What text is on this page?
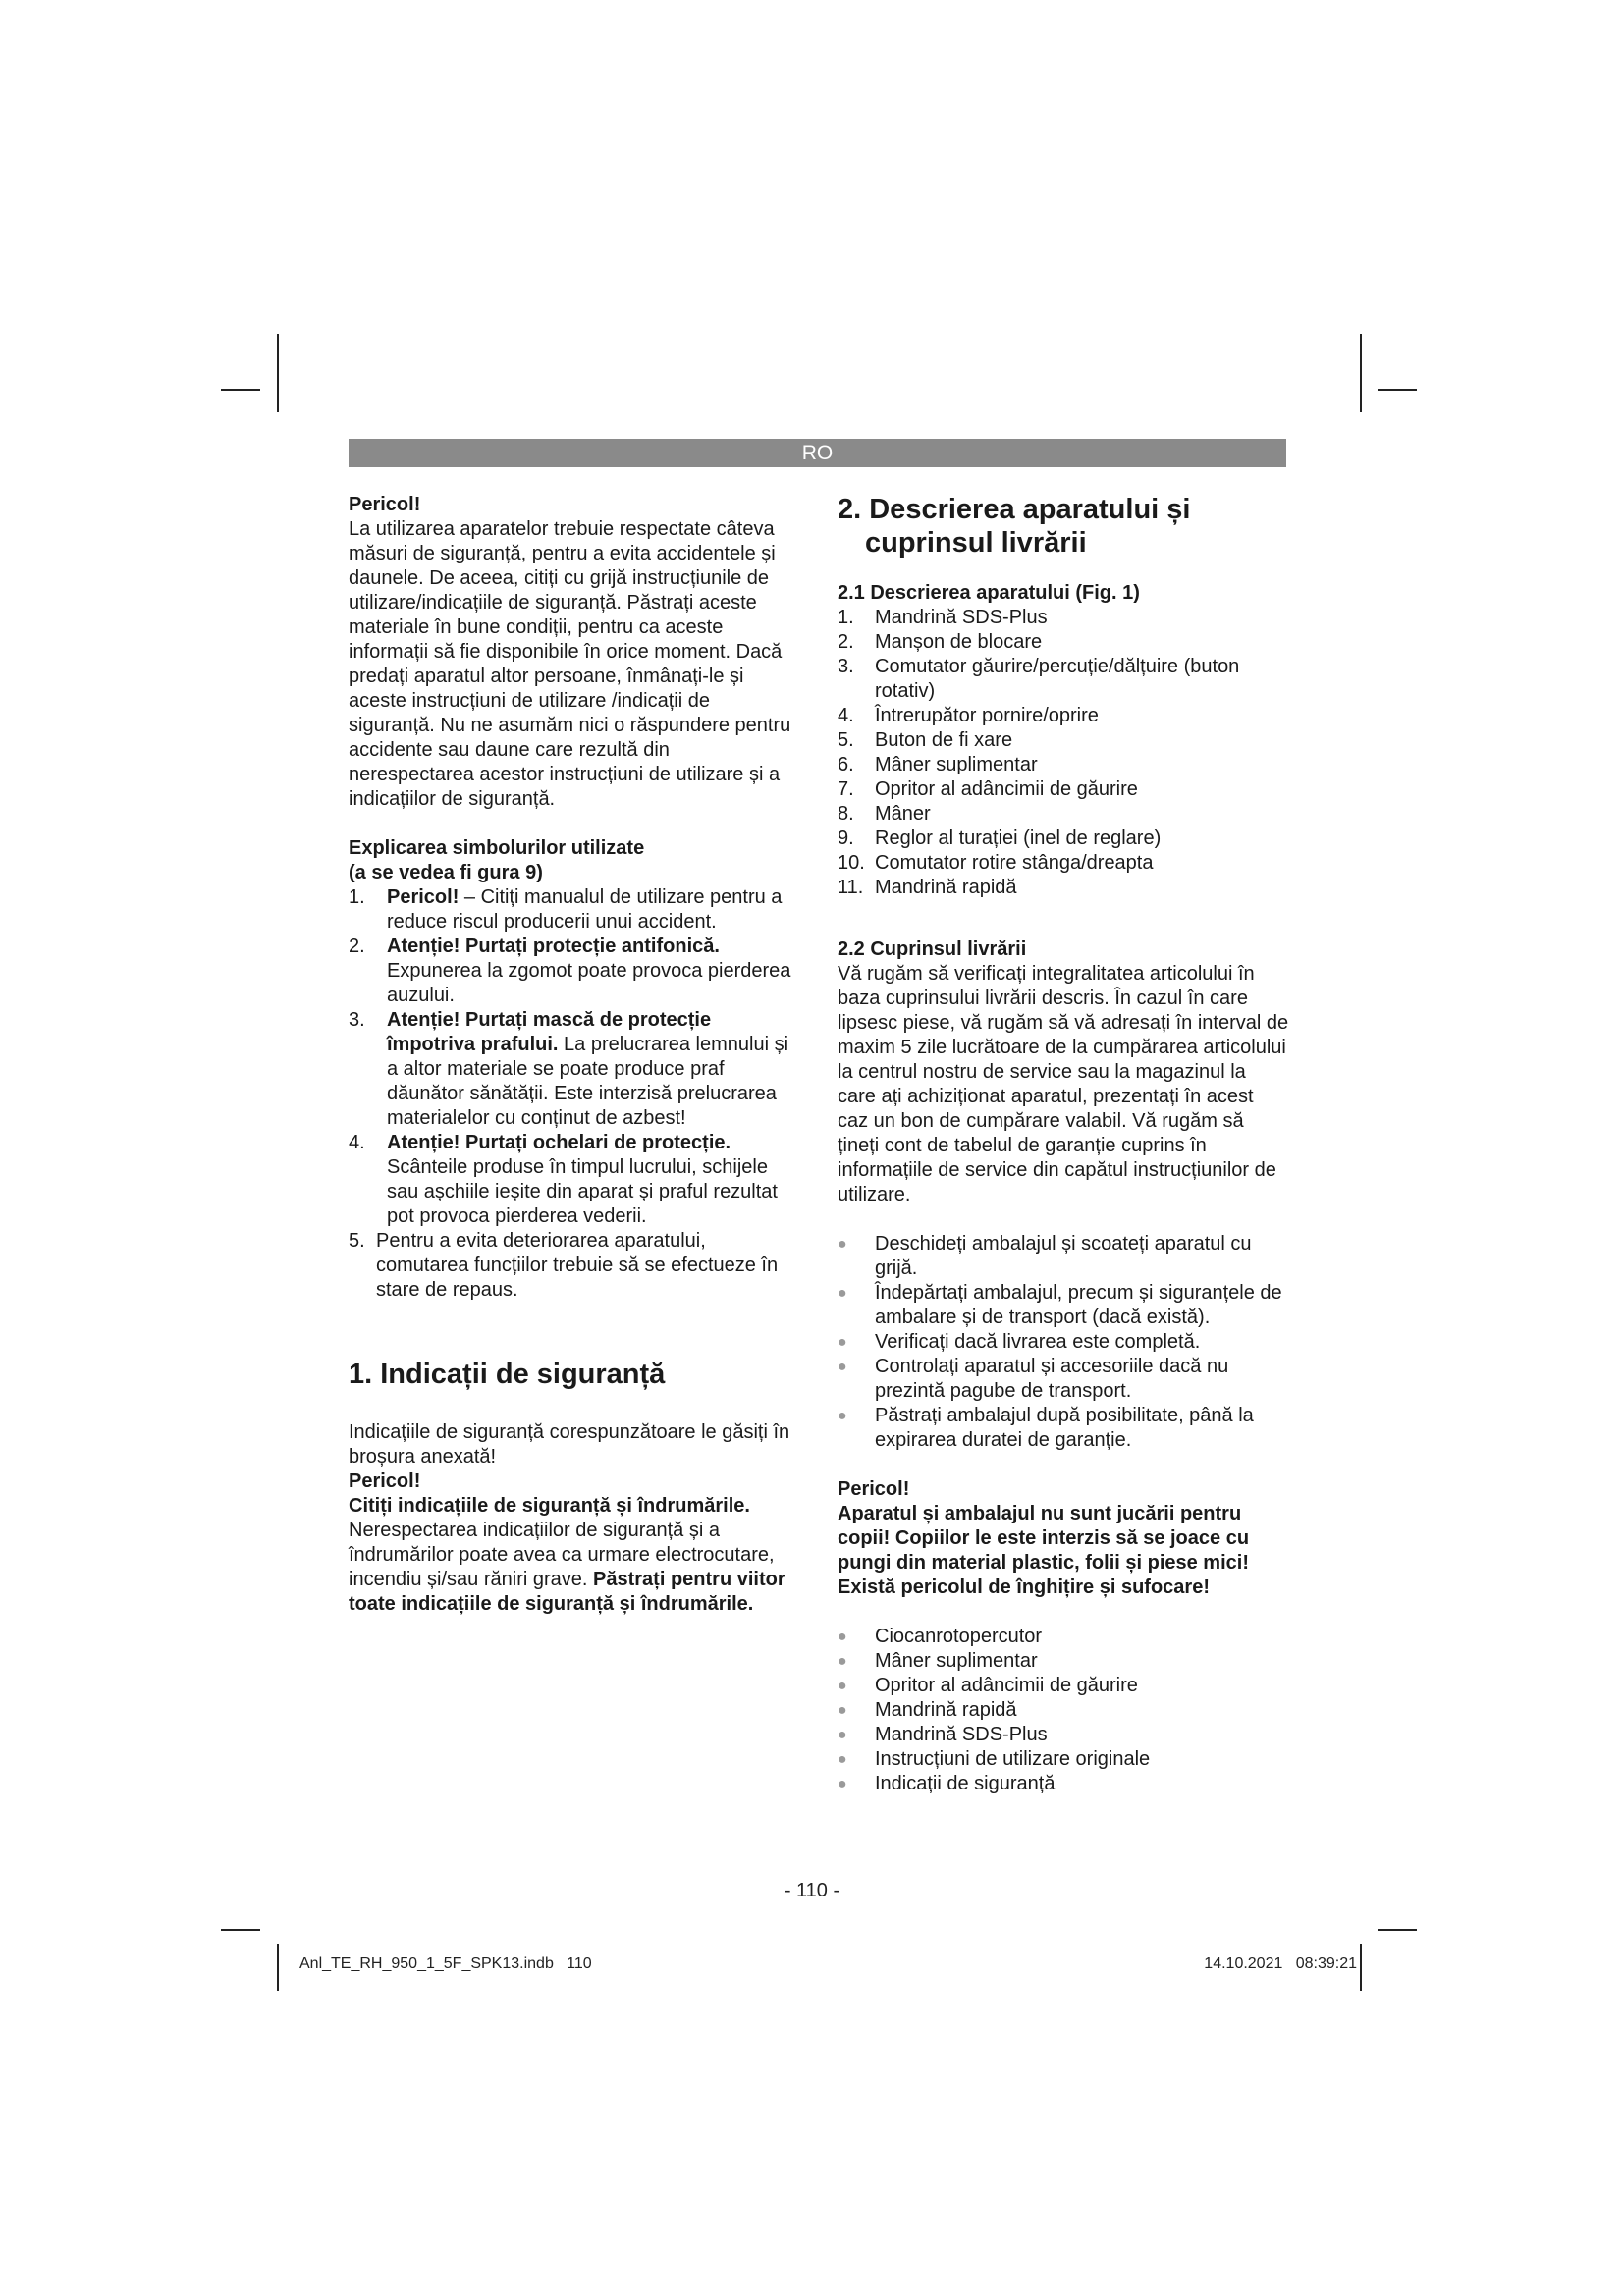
RO

Pericol!

La utilizarea aparatelor trebuie respectate câteva măsuri de siguranță, pentru a evita accidentele și daunele. De aceea, citiți cu grijă instrucțiunile de utilizare/indicațiile de siguranță. Păstrați aceste materiale în bune condiții, pentru ca aceste informații să fie disponibile în orice moment. Dacă predați aparatul altor persoane, înmânați-le și aceste instrucțiuni de utilizare /indicații de siguranță. Nu ne asumăm nici o răspundere pentru accidente sau daune care rezultă din nerespectarea acestor instrucțiuni de utilizare și a indicațiilor de siguranță.

Explicarea simbolurilor utilizate

(a se vedea fi gura 9)

1. Pericol! – Citiți manualul de utilizare pentru a reduce riscul producerii unui accident.
2. Atenție! Purtați protecție antifonică. Expunerea la zgomot poate provoca pierderea auzului.
3. Atenție! Purtați mască de protecție împotriva prafului. La prelucrarea lemnului și a altor materiale se poate produce praf dăunător sănătății. Este interzisă prelucrarea materialelor cu conținut de azbest!
4. Atenție! Purtați ochelari de protecție. Scânteile produse în timpul lucrului, schijele sau așchiile ieșite din aparat și praful rezultat pot provoca pierderea vederii.
5. Pentru a evita deteriorarea aparatului, comutarea funcțiilor trebuie să se efectueze în stare de repaus.

1. Indicații de siguranță

Indicațiile de siguranță corespunzătoare le găsiți în broșura anexată!

Pericol!

Citiți indicațiile de siguranță și îndrumările.

Nerespectarea indicațiilor de siguranță și a îndrumărilor poate avea ca urmare electrocutare, incendiu și/sau răniri grave. Păstrați pentru viitor toate indicațiile de siguranță și îndrumările.

2. Descrierea aparatului și cuprinsul livrării

2.1 Descrierea aparatului (Fig. 1)

1.	Mandrină SDS-Plus
2.	Manșon de blocare
3.	Comutator găurire/percuție/dălțuire (buton rotativ)
4.	Întrerupător pornire/oprire
5.	Buton de fi xare
6.	Mâner suplimentar
7.	Opritor al adâncimii de găurire
8.	Mâner
9.	Reglor al turației (inel de reglare)
10. Comutator rotire stânga/dreapta
11. Mandrină rapidă

2.2 Cuprinsul livrării

Vă rugăm să verificați integralitatea articolului în baza cuprinsului livrării descris. În cazul în care lipsesc piese, vă rugăm să vă adresați în interval de maxim 5 zile lucrătoare de la cumpărarea articolului la centrul nostru de service sau la magazinul la care ați achiziționat aparatul, prezentați în acest caz un bon de cumpărare valabil. Vă rugăm să țineți cont de tabelul de garanție cuprins în informațiile de service din capătul instrucțiunilor de utilizare.

● Deschideți ambalajul și scoateți aparatul cu grijă.
● Îndepărtați ambalajul, precum și siguranțele de ambalare și de transport (dacă există).
● Verificați dacă livrarea este completă.
● Controlați aparatul și accesoriile dacă nu prezintă pagube de transport.
● Păstrați ambalajul după posibilitate, până la expirarea duratei de garanție.

Pericol!

Aparatul și ambalajul nu sunt jucării pentru copii! Copiilor le este interzis să se joace cu pungi din material plastic, folii și piese mici! Există pericolul de înghițire și sufocare!

● Ciocanrotopercutor
● Mâner suplimentar
● Opritor al adâncimii de găurire
● Mandrină rapidă
● Mandrină SDS-Plus
● Instrucțiuni de utilizare originale
● Indicații de siguranță
- 110 -
Anl_TE_RH_950_1_5F_SPK13.indb   110	14.10.2021   08:39:21
